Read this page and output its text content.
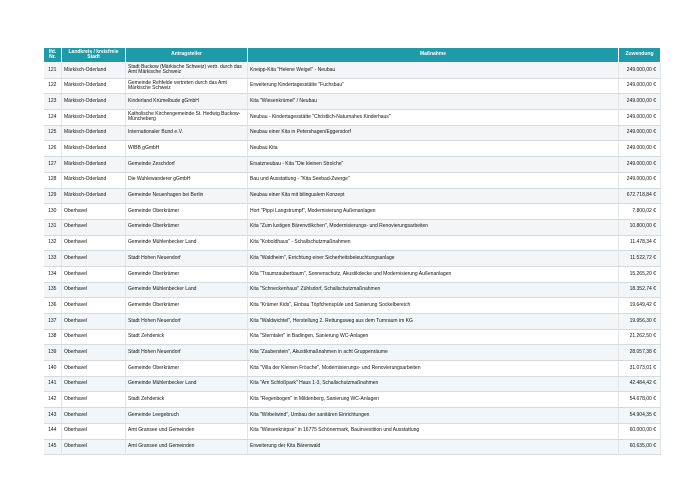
lfd. Nr.	Landkreis / kreisfreie Stadt	Antragsteller	Maßnahme	Zuwendung
121	Märkisch-Oderland	Stadt Buckow (Märkische Schweiz) vertr. durch das Amt Märkische Schweiz	Kneipp-Kita "Helene Weigel" - Neubau	249.000,00 €
122	Märkisch-Oderland	Gemeinde Rehfelde vertreten durch das Amt Märkische Schweiz	Erweiterung Kindertagesstätte "Fuchsbau"	249.000,00 €
123	Märkisch-Oderland	Kinderland Krümelbude gGmbH	Kita "Wiesenkrümel" / Neubau	249.000,00 €
124	Märkisch-Oderland	Katholische Kirchengemeinde St. Hedwig Buckow-Müncheberg	Neubau - Kindertagesstätte "Christlich-Naturnahes Kinderhaus"	249.000,00 €
125	Märkisch-Oderland	Internationaler Bund e.V.	Neubau einer Kita in Petershagen/Eggersdorf	249.000,00 €
126	Märkisch-Oderland	WIBB gGmbH	Neubau Kita	249.000,00 €
127	Märkisch-Oderland	Gemeinde Zeschdorf	Ersatzneubau - Kita "Die kleinen Strolche"	249.000,00 €
128	Märkisch-Oderland	Die Wuhlewanderer gGmbH	Bau und Ausstattung - "Kita Seebad-Zwerge"	249.000,00 €
129	Märkisch-Oderland	Gemeinde Neuenhagen bei Berlin	Neubau einer Kita mit bilingualem Konzept	672.718,84 €
130	Oberhavel	Gemeinde Oberkrämer	Hort "Pippi Langstrumpf", Modernisierung Außenanlagen	7.800,02 €
131	Oberhavel	Gemeinde Oberkrämer	Kita "Zum lustigen Bärenvölkchen", Modernisierungs- und Renovierungsarbeiten	10.800,00 €
132	Oberhavel	Gemeinde Mühlenbecker Land	Kita "Koboldhaus" - Schallschutzmaßnahmen	11.478,34 €
133	Oberhavel	Stadt Hohen Neuendorf	Kita "Waldheim", Errichtung einer Sicherheitsbeleuchtungsanlage	11.522,72 €
134	Oberhavel	Gemeinde Oberkrämer	Kita "Traumzauberbaum", Sonnenschutz, Akustikdecke und Modernisierung Außenanlagen	15.265,20 €
135	Oberhavel	Gemeinde Mühlenbecker Land	Kita "Schneckenhaus" Zühlsdorf, Schallschutzmaßnahmen	18.352,74 €
136	Oberhavel	Gemeinde Oberkrämer	Kita "Krämer Kids", Einbau Töpfchenspüle und Sanierung Sockelbereich	19.649,42 €
137	Oberhavel	Stadt Hohen Neuendorf	Kita "Waldwichtel", Herstellung 2. Rettungsweg aus dem Turnraum im KG	19.956,30 €
138	Oberhavel	Stadt Zehdenick	Kita "Sterntaler" in Badingen, Sanierung WC-Anlagen	21.262,50 €
139	Oberhavel	Stadt Hohen Neuendorf	Kita "Zauberstein", Akustikmaßnahmen in acht Gruppenräume	28.057,38 €
140	Oberhavel	Gemeinde Oberkrämer	Kita "Villa der Kleinen Frösche", Modernisierungs- und Renovierungsarbeiten	31.073,01 €
141	Oberhavel	Gemeinde Mühlenbecker Land	Kita "Am Schloßpark" Haus 1-3, Schallschutzmaßnahmen	42.484,42 €
142	Oberhavel	Stadt Zehdenick	Kita "Regenbogen" in Mildenberg, Sanierung WC-Anlagen	54.678,00 €
143	Oberhavel	Gemeinde Leegebruch	Kita "Wirbelwind", Umbau der sanitären Einrichtungen	54.904,35 €
144	Oberhavel	Amt Gransee und Gemeinden	Kita "Wiesenknirpse" in 16775 Schönermark, Bauinvestition und Ausstattung	60.000,00 €
145	Oberhavel	Amt Gransee und Gemeinden	Erweiterung der Kita Bärenwald	60.635,00 €
